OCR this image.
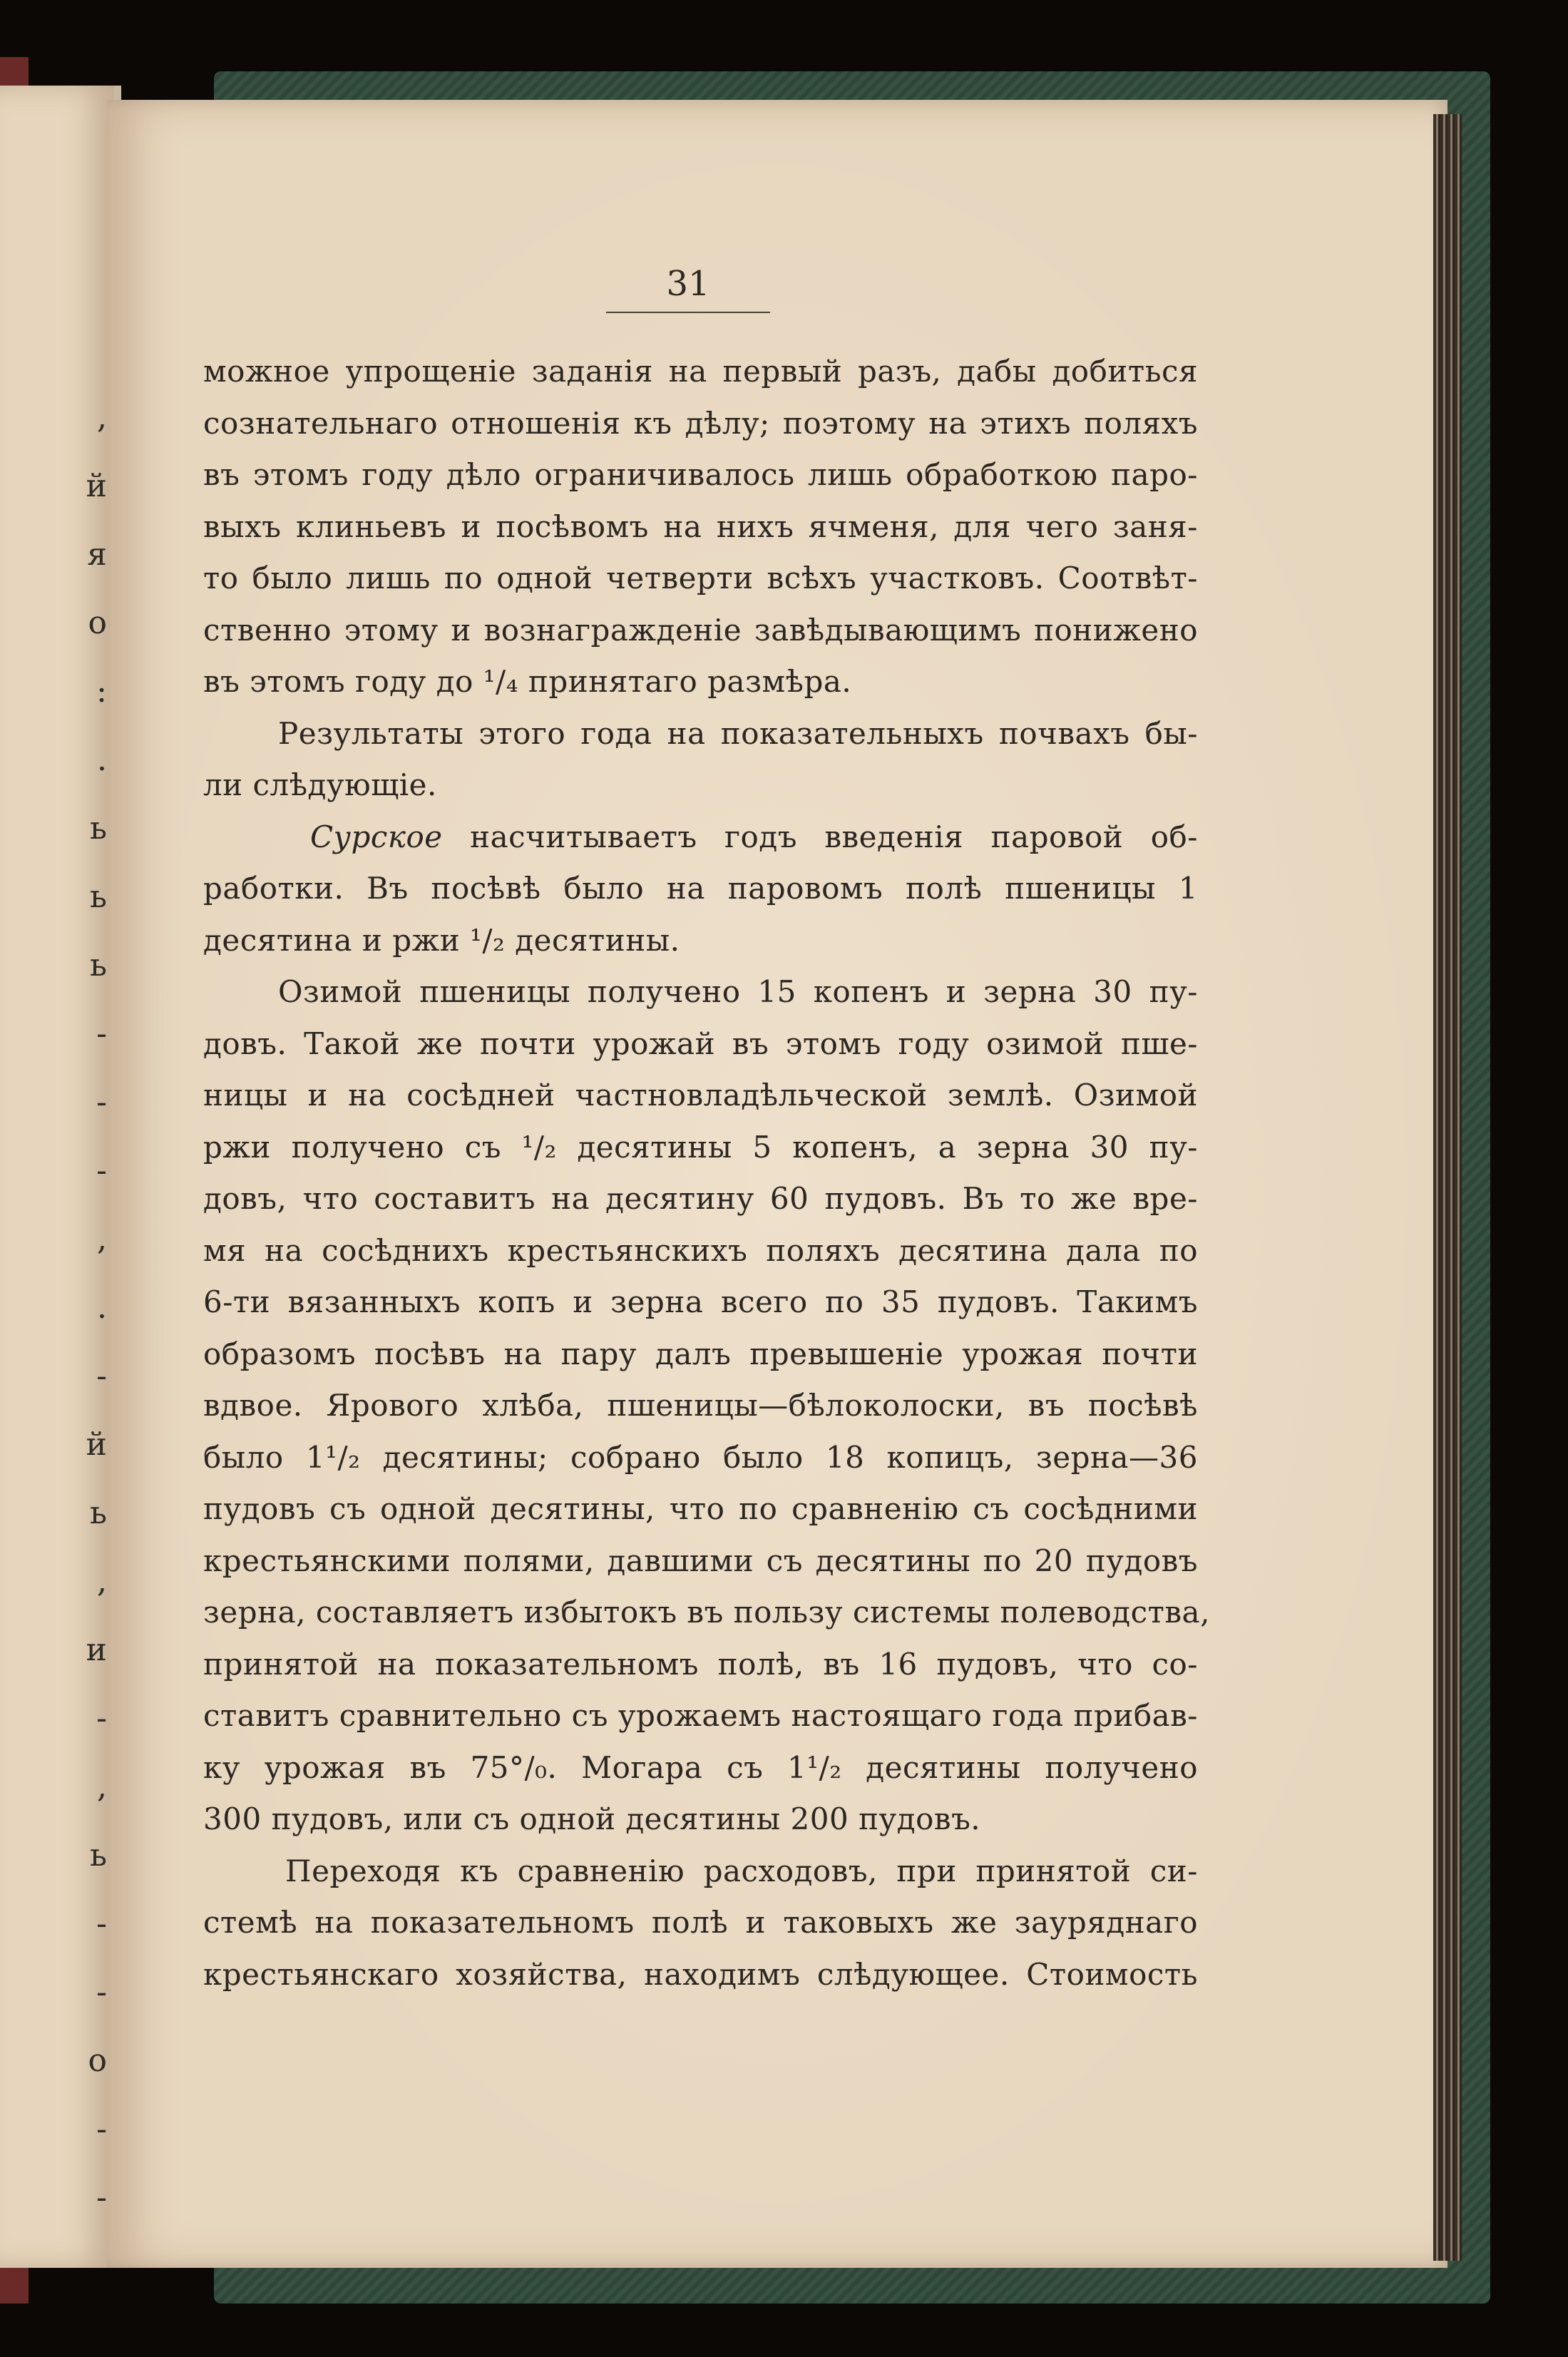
,
й
я
о
:
.
ь
ь
ь
-
-
-
,
.
-
й
ь
,
и
-
,
ь
-
-
о
-
-
31
можное упрощеніе заданія на первый разъ, дабы добиться
сознательнаго отношенія къ дѣлу; поэтому на этихъ поляхъ
въ этомъ году дѣло ограничивалось лишь обработкою паро-
выхъ клиньевъ и посѣвомъ на нихъ ячменя, для чего заня-
то было лишь по одной четверти всѣхъ участковъ. Соотвѣт-
ственно этому и вознагражденіе завѣдывающимъ понижено
въ этомъ году до ¹/₄ принятаго размѣра.
Результаты этого года на показательныхъ почвахъ бы-
ли слѣдующіе.
Сурское насчитываетъ годъ введенія паровой об-
работки. Въ посѣвѣ было на паровомъ полѣ пшеницы 1
десятина и ржи ¹/₂ десятины.
Озимой пшеницы получено 15 копенъ и зерна 30 пу-
довъ. Такой же почти урожай въ этомъ году озимой пше-
ницы и на сосѣдней частновладѣльческой землѣ. Озимой
ржи получено съ ¹/₂ десятины 5 копенъ, а зерна 30 пу-
довъ, что составитъ на десятину 60 пудовъ. Въ то же вре-
мя на сосѣднихъ крестьянскихъ поляхъ десятина дала по
6-ти вязанныхъ копъ и зерна всего по 35 пудовъ. Такимъ
образомъ посѣвъ на пару далъ превышеніе урожая почти
вдвое. Ярового хлѣба, пшеницы—бѣлоколоски, въ посѣвѣ
было 1¹/₂ десятины; собрано было 18 копицъ, зерна—36
пудовъ съ одной десятины, что по сравненію съ сосѣдними
крестьянскими полями, давшими съ десятины по 20 пудовъ
зерна, составляетъ избытокъ въ пользу системы полеводства,
принятой на показательномъ полѣ, въ 16 пудовъ, что со-
ставитъ сравнительно съ урожаемъ настоящаго года прибав-
ку урожая въ 75°/₀. Могара съ 1¹/₂ десятины получено
300 пудовъ, или съ одной десятины 200 пудовъ.
Переходя къ сравненію расходовъ, при принятой си-
стемѣ на показательномъ полѣ и таковыхъ же зауряднаго
крестьянскаго хозяйства, находимъ слѣдующее. Стоимость
